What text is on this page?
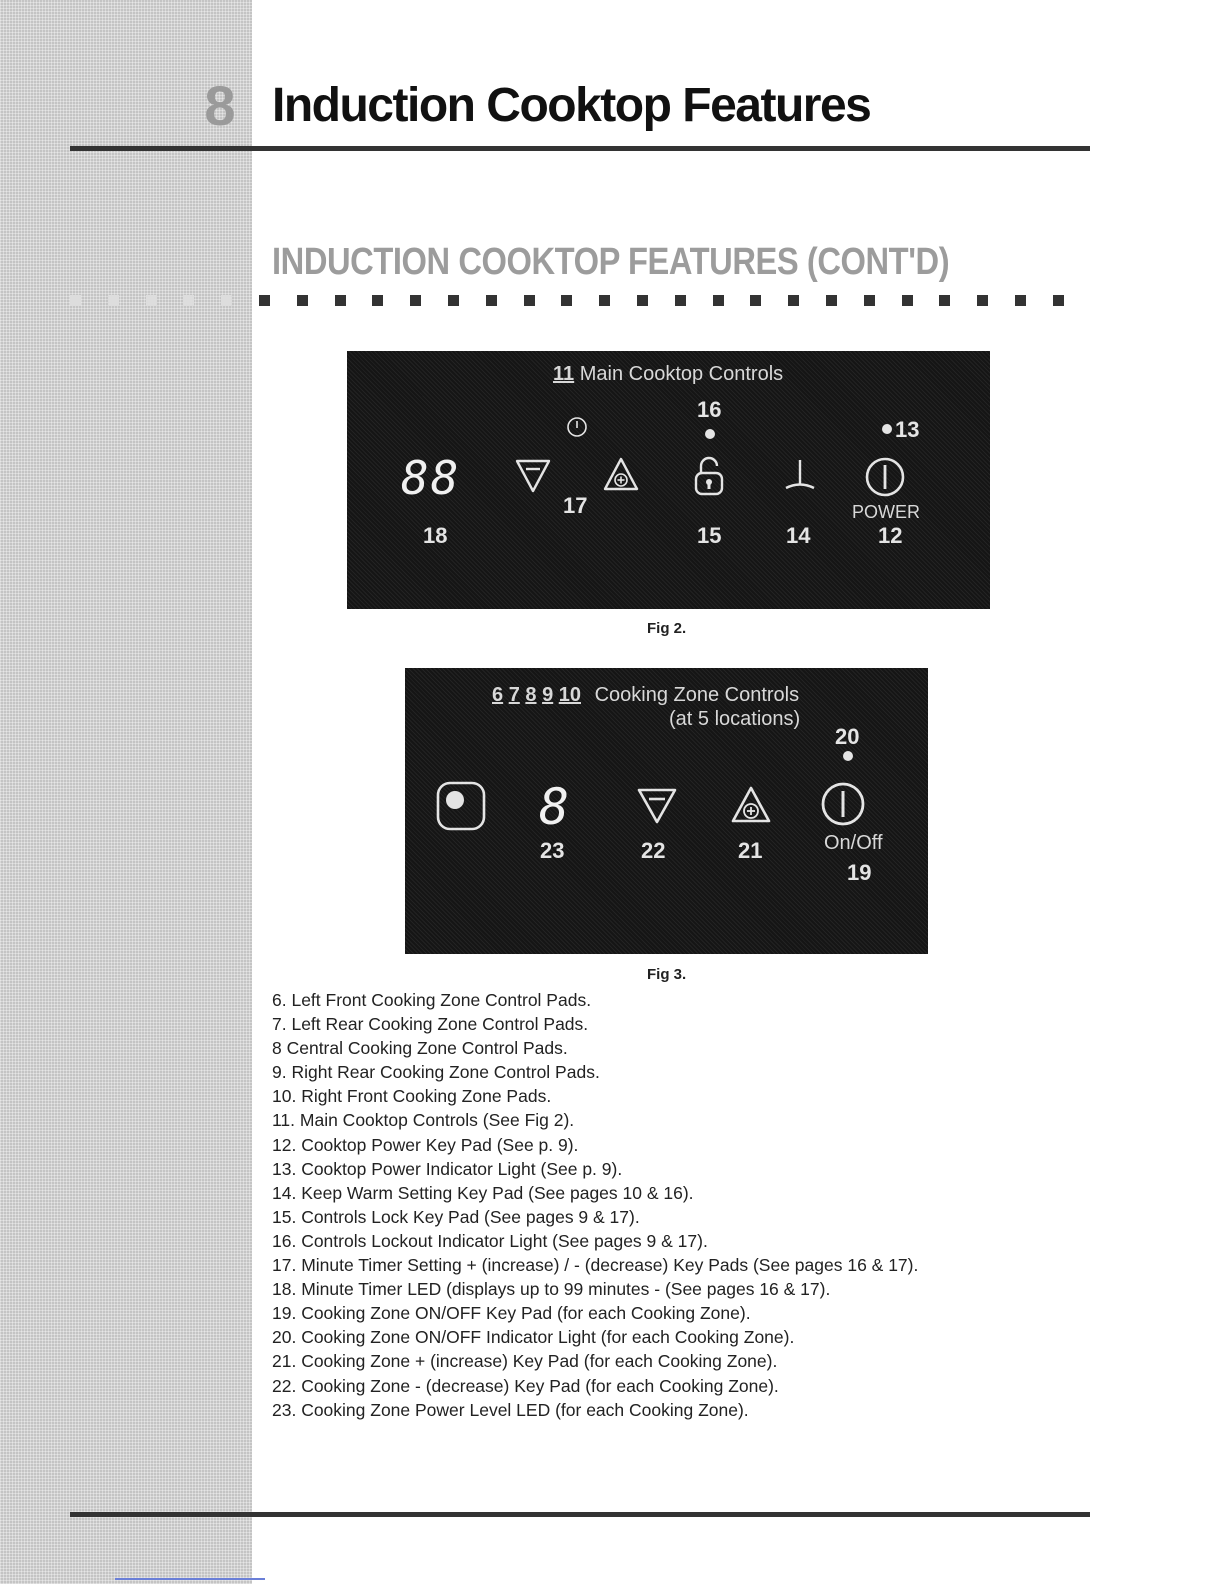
8 Induction Cooktop Features
INDUCTION COOKTOP FEATURES (CONT'D)
11 Main Cooktop Controls
16
13
88
17	POWER
18	15	14	12
Fig 2.
6 7 8 9 10 Cooking Zone Controls
(at 5 locations)
20
8
23	22	21	On/Off
19
Fig 3.
6. Left Front Cooking Zone Control Pads.
7. Left Rear Cooking Zone Control Pads.
8 Central Cooking Zone Control Pads.
9. Right Rear Cooking Zone Control Pads.
10. Right Front Cooking Zone Pads.
11. Main Cooktop Controls (See Fig 2).
12. Cooktop Power Key Pad (See p. 9).
13. Cooktop Power Indicator Light (See p. 9).
14. Keep Warm Setting Key Pad (See pages 10 & 16).
15. Controls Lock Key Pad (See pages 9 & 17).
16. Controls Lockout Indicator Light (See pages 9 & 17).
17. Minute Timer Setting + (increase) / - (decrease) Key Pads (See pages 16 & 17).
18. Minute Timer LED (displays up to 99 minutes - (See pages 16 & 17).
19. Cooking Zone ON/OFF Key Pad (for each Cooking Zone).
20. Cooking Zone ON/OFF Indicator Light (for each Cooking Zone).
21. Cooking Zone + (increase) Key Pad (for each Cooking Zone).
22. Cooking Zone - (decrease) Key Pad (for each Cooking Zone).
23. Cooking Zone Power Level LED (for each Cooking Zone).
